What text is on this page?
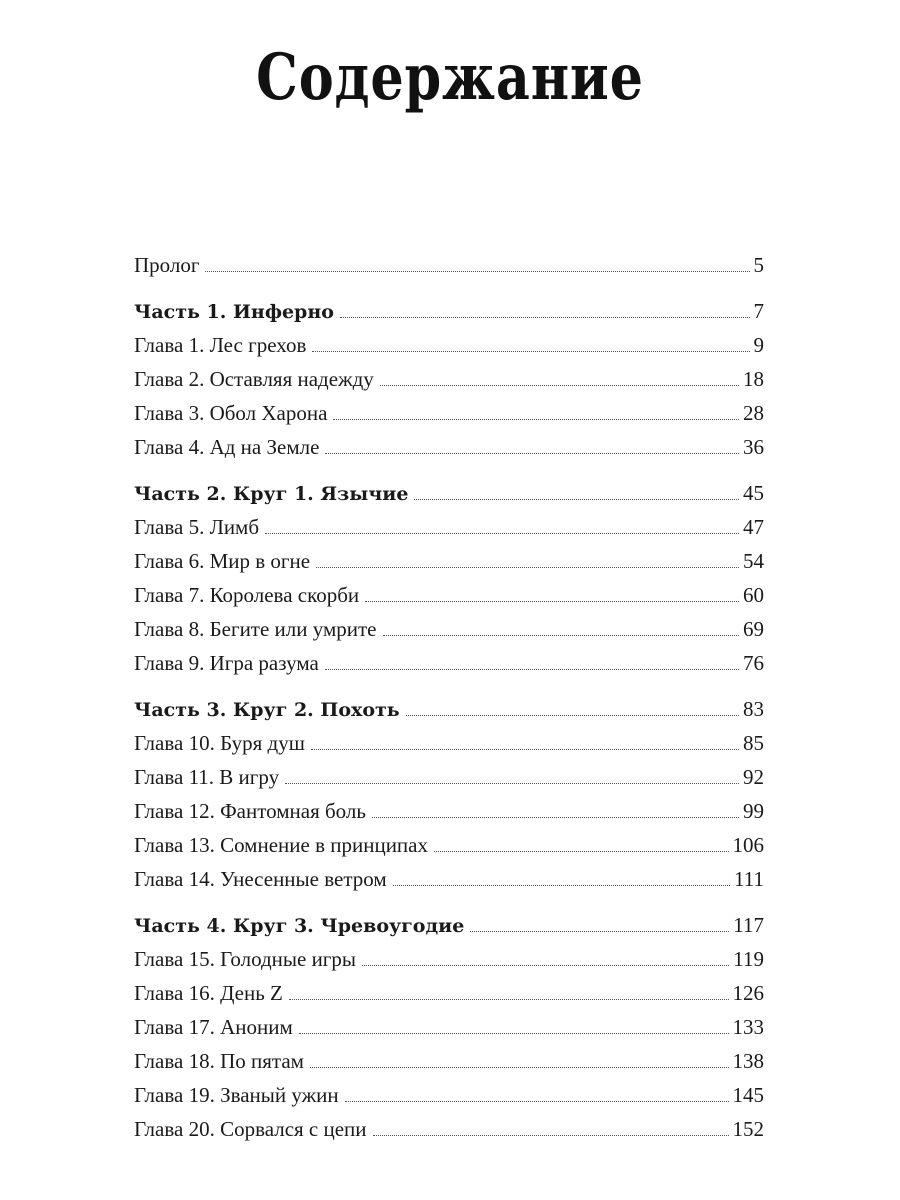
Содержание
Пролог	5
Часть 1. Инферно	7
Глава 1. Лес грехов	9
Глава 2. Оставляя надежду	18
Глава 3. Обол Харона	28
Глава 4. Ад на Земле	36
Часть 2. Круг 1. Язычие	45
Глава 5. Лимб	47
Глава 6. Мир в огне	54
Глава 7. Королева скорби	60
Глава 8. Бегите или умрите	69
Глава 9. Игра разума	76
Часть 3. Круг 2. Похоть	83
Глава 10. Буря душ	85
Глава 11. В игру	92
Глава 12. Фантомная боль	99
Глава 13. Сомнение в принципах	106
Глава 14. Унесенные ветром	111
Часть 4. Круг 3. Чревоугодие	117
Глава 15. Голодные игры	119
Глава 16. День Z	126
Глава 17. Аноним	133
Глава 18. По пятам	138
Глава 19. Званый ужин	145
Глава 20. Сорвался с цепи	152
